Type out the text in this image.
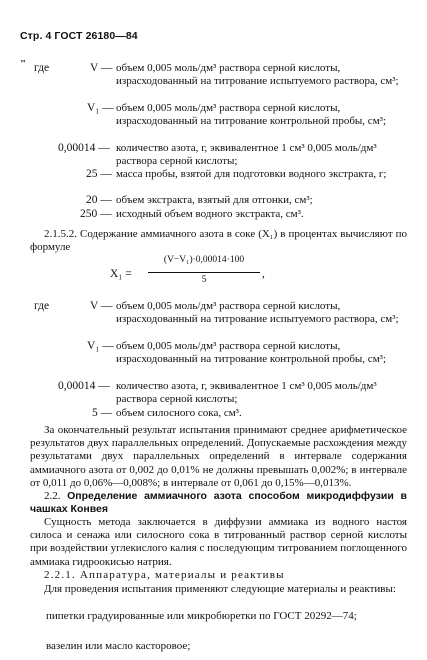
Стр. 4 ГОСТ 26180—84
" где	V — объем 0,005 моль/дм³ раствора серной кислоты, израсходованный на титрование испытуемого раствора, см³;
V₁ — объем 0,005 моль/дм³ раствора серной кислоты, израсходованный на титрование контрольной пробы, см³;
0,00014 — количество азота, г, эквивалентное 1 см³ 0,005 моль/дм³ раствора серной кислоты;
25 — масса пробы, взятой для подготовки водного экстракта, г;
20 — объем экстракта, взятый для отгонки, см³;
250 — исходный объем водного экстракта, см³.
2.1.5.2. Содержание аммиачного азота в соке (X₁) в процентах вычисляют по формуле
X₁ =
(V−V₁)·0,00014·100
5	,
где	V — объем 0,005 моль/дм³ раствора серной кислоты, израсходованный на титрование испытуемого раствора, см³;
V₁ — объем 0,005 моль/дм³ раствора серной кислоты, израсходованный на титрование контрольной пробы, см³;
0,00014 — количество азота, г, эквивалентное 1 см³ 0,005 моль/дм³ раствора серной кислоты;
5 — объем силосного сока, см³.
За окончательный результат испытания принимают среднее арифметическое результатов двух параллельных определений. Допускаемые расхождения между результатами двух параллельных определений в интервале содержания аммиачного азота от 0,002 до 0,01% не должны превышать 0,002%; в интервале от 0,011 до 0,06%—0,008%; в интервале от 0,061 до 0,15%—0,013%.
2.2. Определение аммиачного азота способом микродиффузии в чашках Конвея
Сущность метода заключается в диффузии аммиака из водного настоя силоса и сенажа или силосного сока в титрованный раствор серной кислоты при воздействии углекислого калия с последующим титрованием поглощенного аммиака гидроокисью натрия.
2.2.1. Аппаратура, материалы и реактивы
Для проведения испытания применяют следующие материалы и реактивы:
пипетки градуированные или микробюретки по ГОСТ 20292—74;
вазелин или масло касторовое;
